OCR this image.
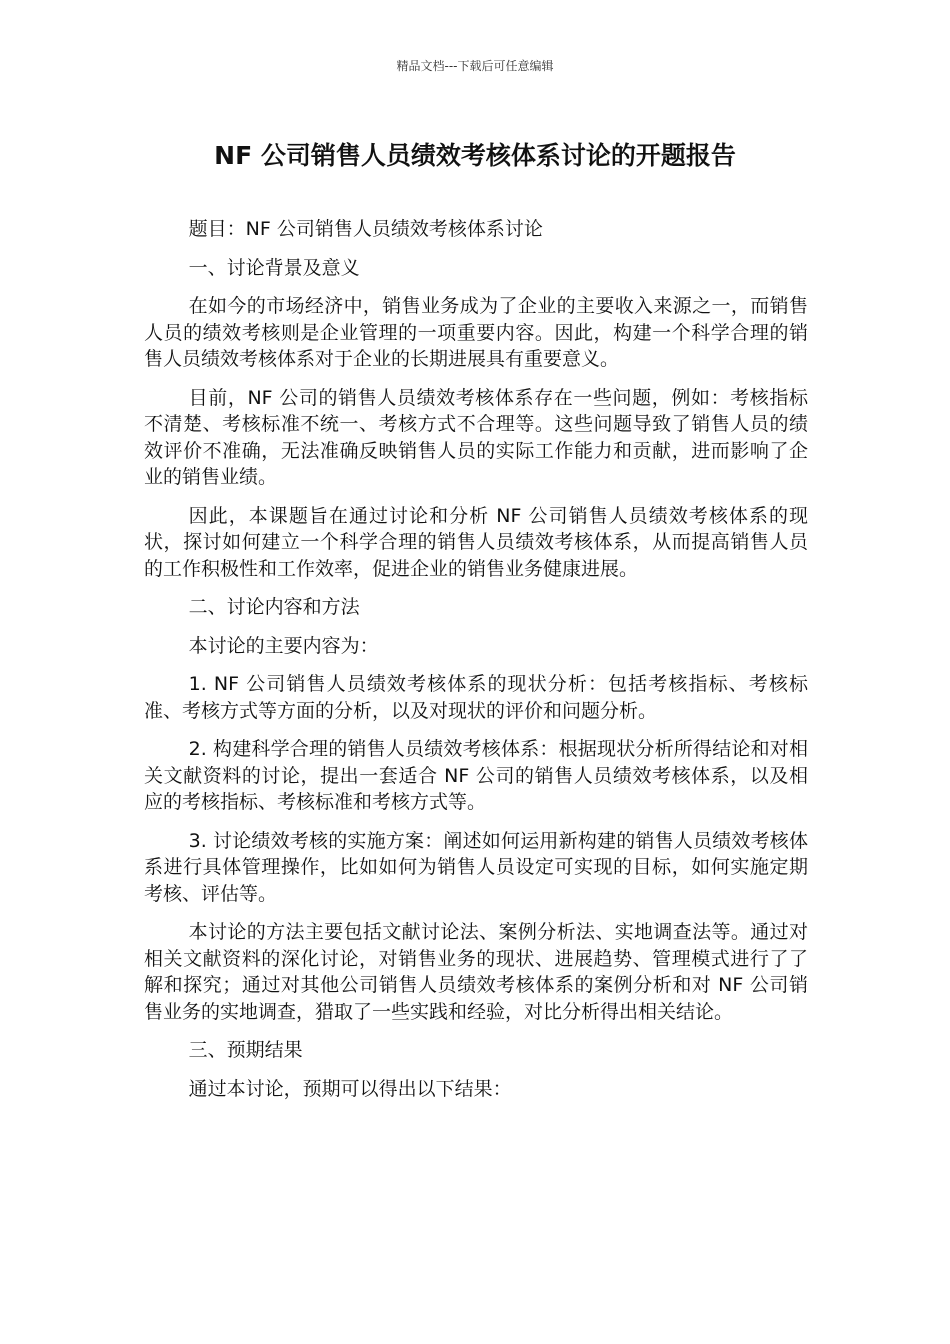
精品文档---下载后可任意编辑
NF 公司销售人员绩效考核体系讨论的开题报告

题目：NF 公司销售人员绩效考核体系讨论

一、讨论背景及意义

在如今的市场经济中，销售业务成为了企业的主要收入来源之一，而销售人员的绩效考核则是企业管理的一项重要内容。因此，构建一个科学合理的销售人员绩效考核体系对于企业的长期进展具有重要意义。

目前，NF 公司的销售人员绩效考核体系存在一些问题，例如：考核指标不清楚、考核标准不统一、考核方式不合理等。这些问题导致了销售人员的绩效评价不准确，无法准确反映销售人员的实际工作能力和贡献，进而影响了企业的销售业绩。

因此，本课题旨在通过讨论和分析 NF 公司销售人员绩效考核体系的现状，探讨如何建立一个科学合理的销售人员绩效考核体系，从而提高销售人员的工作积极性和工作效率，促进企业的销售业务健康进展。

二、讨论内容和方法

本讨论的主要内容为：

1. NF 公司销售人员绩效考核体系的现状分析：包括考核指标、考核标准、考核方式等方面的分析，以及对现状的评价和问题分析。

2. 构建科学合理的销售人员绩效考核体系：根据现状分析所得结论和对相关文献资料的讨论，提出一套适合 NF 公司的销售人员绩效考核体系，以及相应的考核指标、考核标准和考核方式等。

3. 讨论绩效考核的实施方案：阐述如何运用新构建的销售人员绩效考核体系进行具体管理操作，比如如何为销售人员设定可实现的目标，如何实施定期考核、评估等。

本讨论的方法主要包括文献讨论法、案例分析法、实地调查法等。通过对相关文献资料的深化讨论，对销售业务的现状、进展趋势、管理模式进行了了解和探究；通过对其他公司销售人员绩效考核体系的案例分析和对 NF 公司销售业务的实地调查，猎取了一些实践和经验，对比分析得出相关结论。

三、预期结果

通过本讨论，预期可以得出以下结果：
